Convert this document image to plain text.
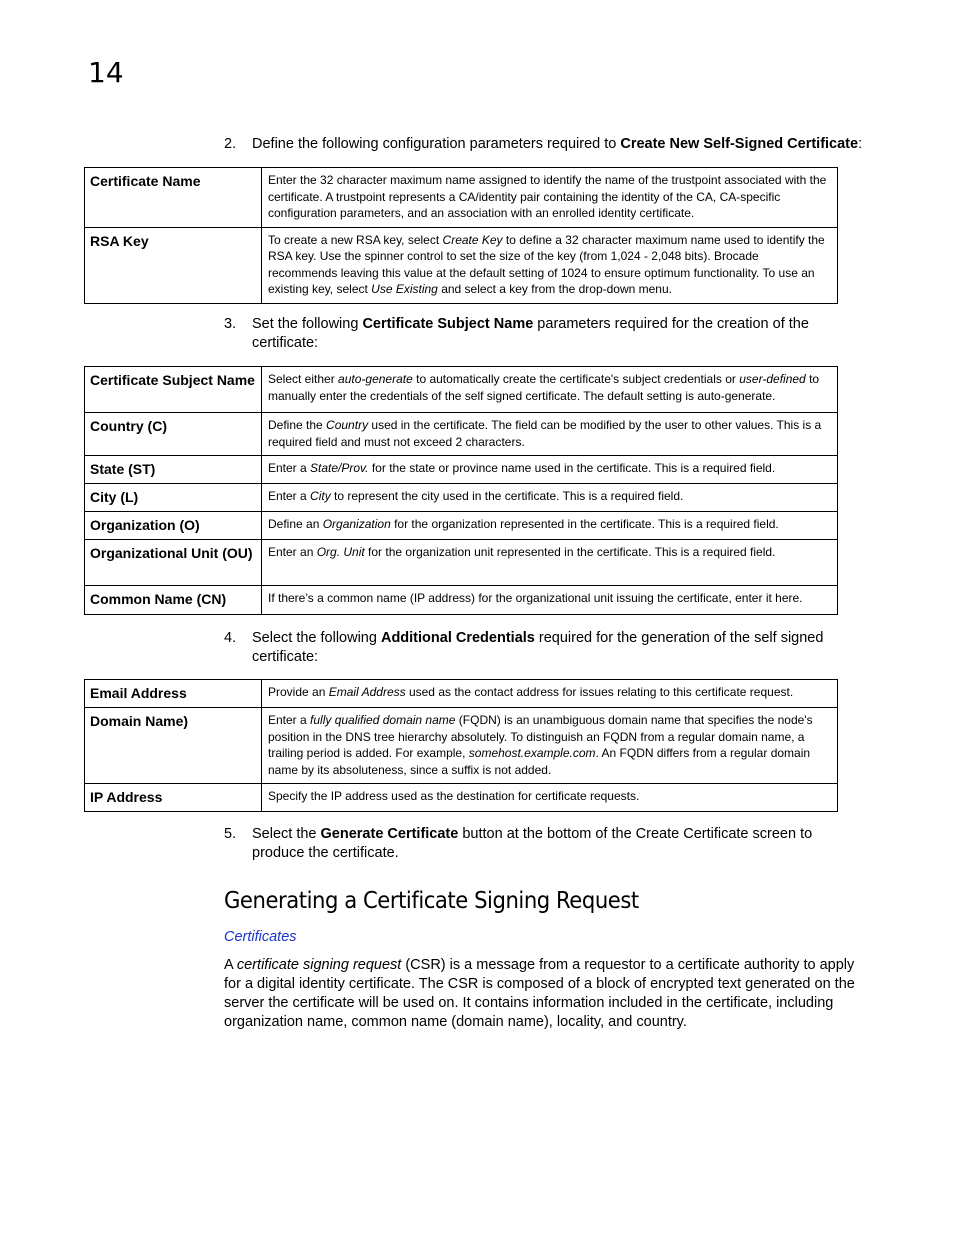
14
2. Define the following configuration parameters required to Create New Self-Signed Certificate:
Certificate Name	Enter the 32 character maximum name assigned to identify the name of the trustpoint associated with the certificate. A trustpoint represents a CA/identity pair containing the identity of the CA, CA-specific configuration parameters, and an association with an enrolled identity certificate.
RSA Key	To create a new RSA key, select Create Key to define a 32 character maximum name used to identify the RSA key. Use the spinner control to set the size of the key (from 1,024 - 2,048 bits). Brocade recommends leaving this value at the default setting of 1024 to ensure optimum functionality. To use an existing key, select Use Existing and select a key from the drop-down menu.
3. Set the following Certificate Subject Name parameters required for the creation of the certificate:
Certificate Subject Name	Select either auto-generate to automatically create the certificate's subject credentials or user-defined to manually enter the credentials of the self signed certificate. The default setting is auto-generate.
Country (C)	Define the Country used in the certificate. The field can be modified by the user to other values. This is a required field and must not exceed 2 characters.
State (ST)	Enter a State/Prov. for the state or province name used in the certificate. This is a required field.
City (L)	Enter a City to represent the city used in the certificate. This is a required field.
Organization (O)	Define an Organization for the organization represented in the certificate. This is a required field.
Organizational Unit (OU)	Enter an Org. Unit for the organization unit represented in the certificate. This is a required field.
Common Name (CN)	If there’s a common name (IP address) for the organizational unit issuing the certificate, enter it here.
4. Select the following Additional Credentials required for the generation of the self signed certificate:
Email Address	Provide an Email Address used as the contact address for issues relating to this certificate request.
Domain Name)	Enter a fully qualified domain name (FQDN) is an unambiguous domain name that specifies the node's position in the DNS tree hierarchy absolutely. To distinguish an FQDN from a regular domain name, a trailing period is added. For example, somehost.example.com. An FQDN differs from a regular domain name by its absoluteness, since a suffix is not added.
IP Address	Specify the IP address used as the destination for certificate requests.
5. Select the Generate Certificate button at the bottom of the Create Certificate screen to produce the certificate.
Generating a Certificate Signing Request
Certificates
A certificate signing request (CSR) is a message from a requestor to a certificate authority to apply for a digital identity certificate. The CSR is composed of a block of encrypted text generated on the server the certificate will be used on. It contains information included in the certificate, including organization name, common name (domain name), locality, and country.
